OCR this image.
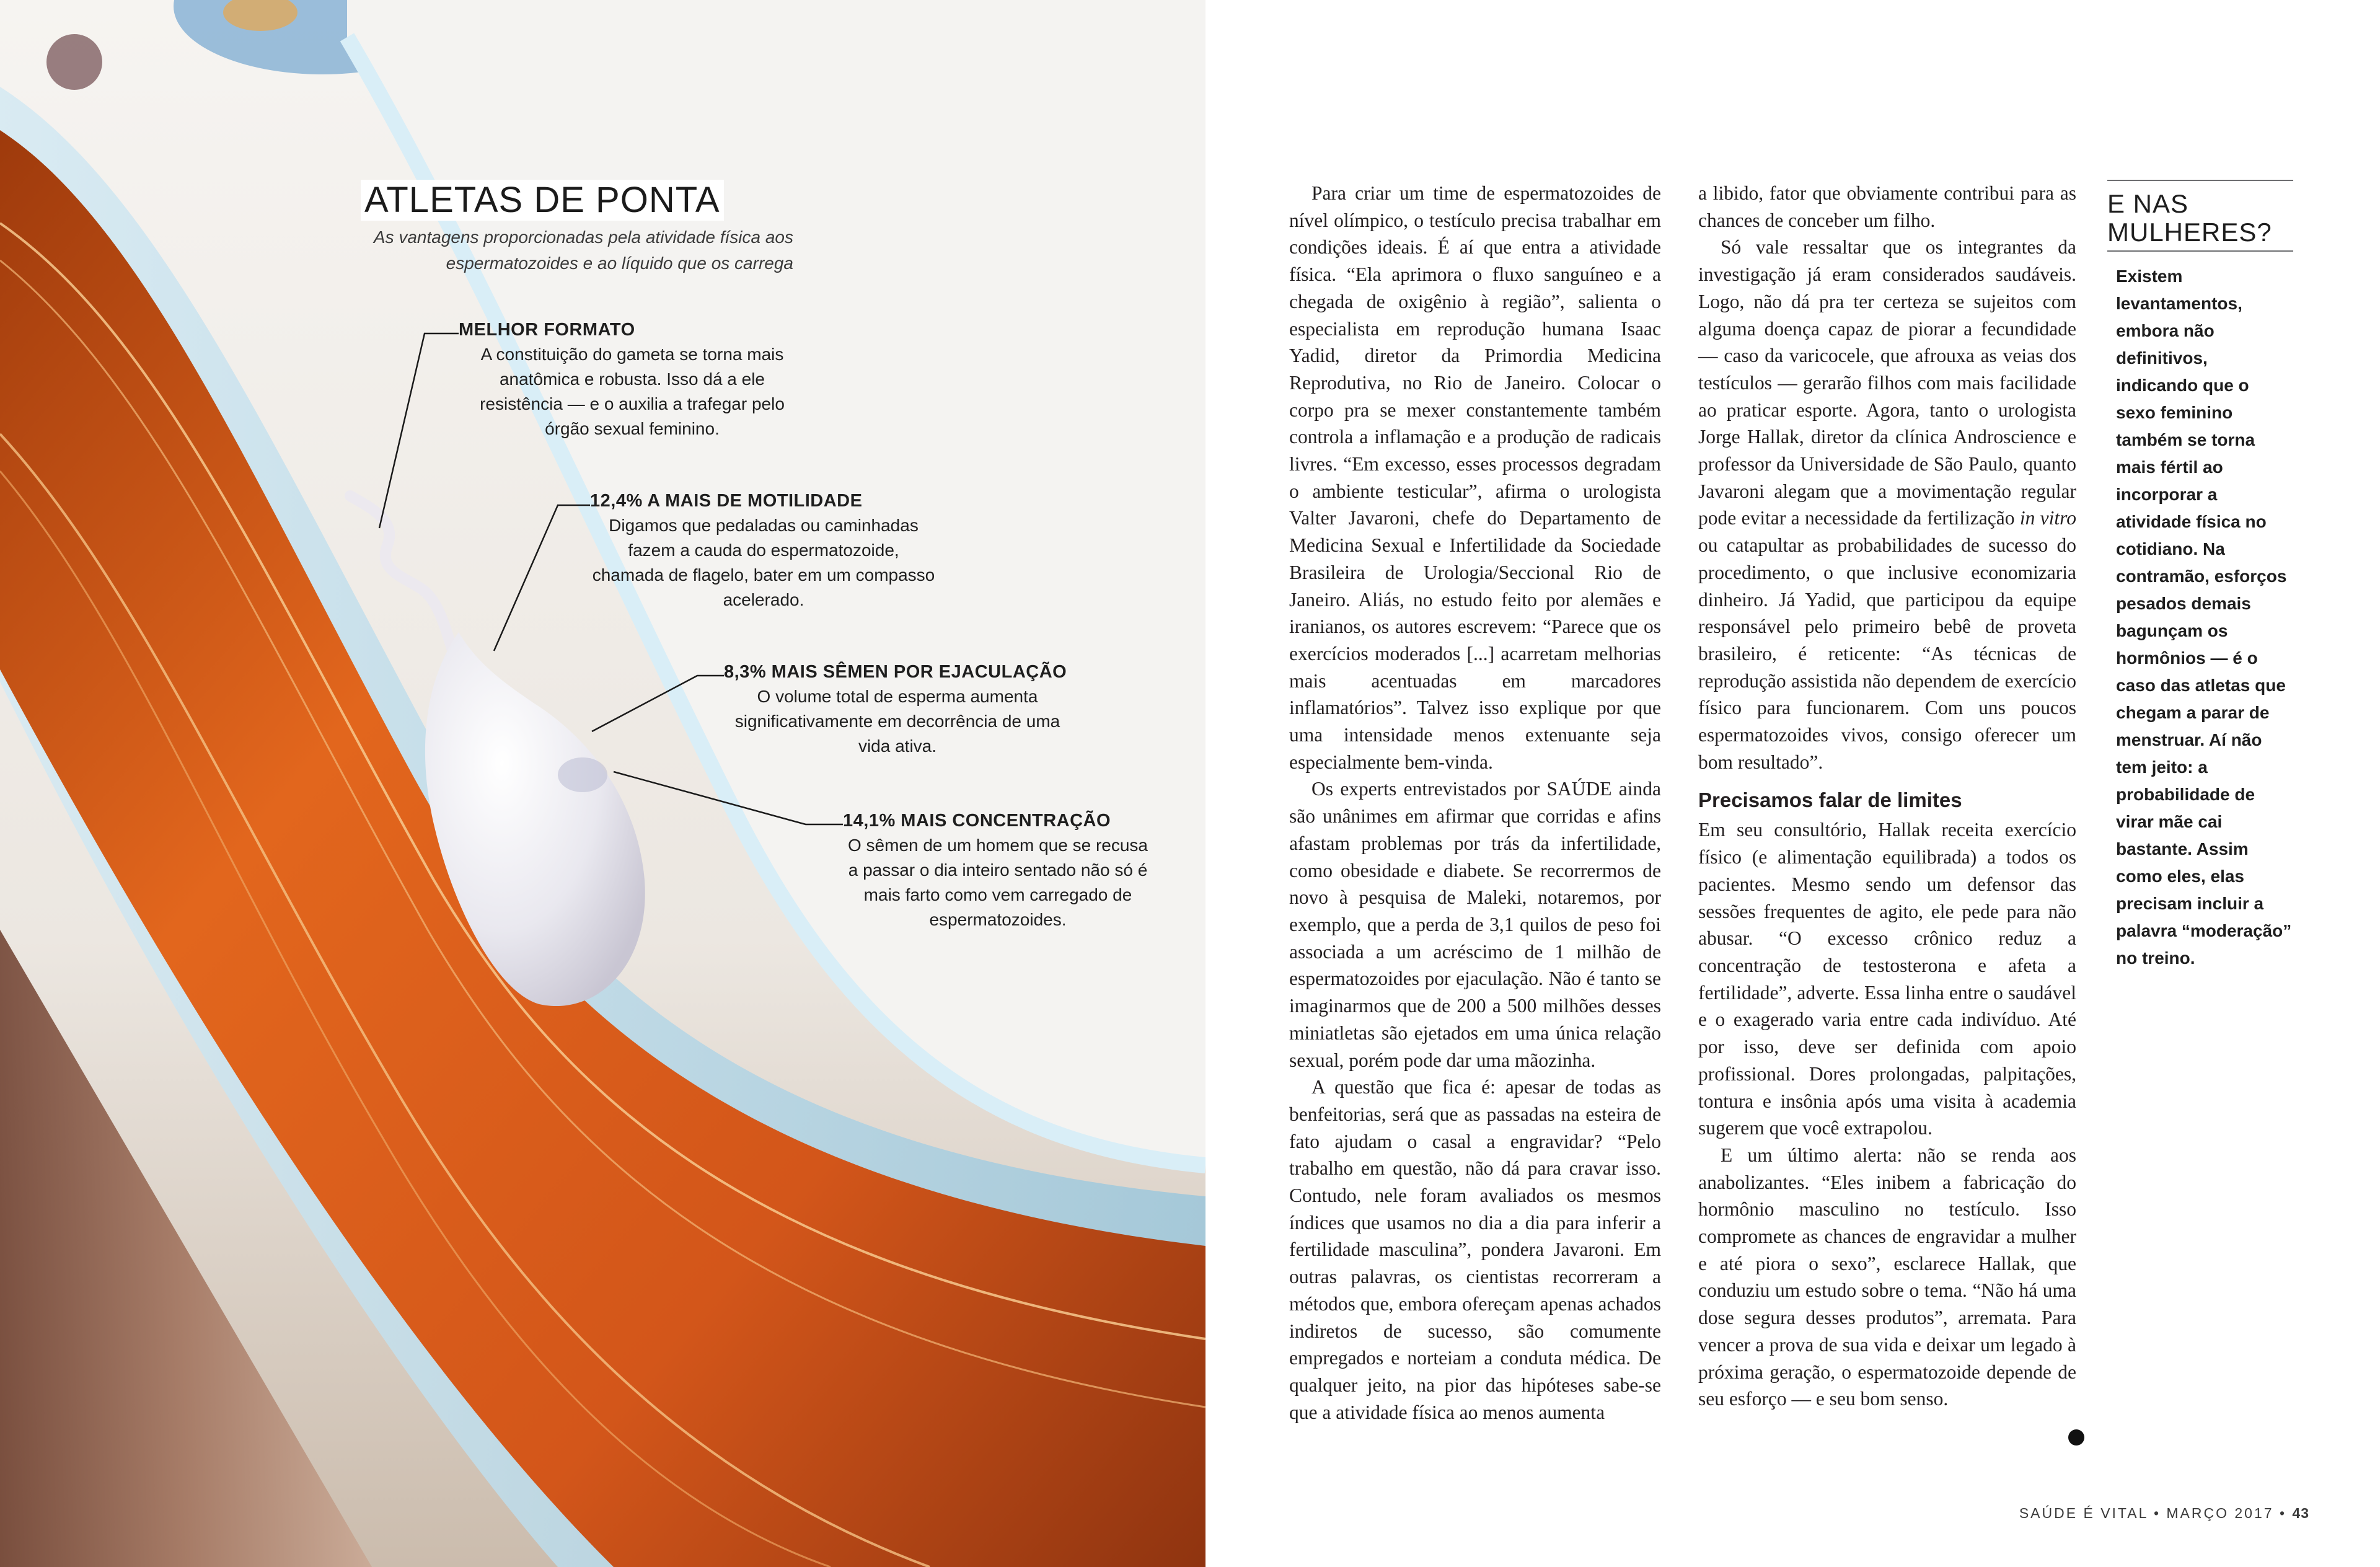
ATLETAS DE PONTA

As vantagens proporcionadas pela atividade física aos espermatozoides e ao líquido que os carrega

MELHOR FORMATO

A constituição do gameta se torna mais anatômica e robusta. Isso dá a ele resistência — e o auxilia a trafegar pelo órgão sexual feminino.

12,4% A MAIS DE MOTILIDADE

Digamos que pedaladas ou caminhadas fazem a cauda do espermatozoide, chamada de flagelo, bater em um compasso acelerado.

8,3% MAIS SÊMEN POR EJACULAÇÃO

O volume total de esperma aumenta significativamente em decorrência de uma vida ativa.

14,1% MAIS CONCENTRAÇÃO

O sêmen de um homem que se recusa a passar o dia inteiro sentado não só é mais farto como vem carregado de espermatozoides.

Para criar um time de espermatozoides de nível olímpico, o testículo precisa trabalhar em condições ideais. É aí que entra a atividade física. “Ela aprimora o fluxo sanguíneo e a chegada de oxigênio à região”, salienta o especialista em reprodução humana Isaac Yadid, diretor da Primordia Medicina Reprodutiva, no Rio de Janeiro. Colocar o corpo pra se mexer constantemente também controla a inflamação e a produção de radicais livres. “Em excesso, esses processos degradam o ambiente testicular”, afirma o urologista Valter Javaroni, chefe do Departamento de Medicina Sexual e Infertilidade da Sociedade Brasileira de Urologia/Seccional Rio de Janeiro. Aliás, no estudo feito por alemães e iranianos, os autores escrevem: “Parece que os exercícios moderados [...] acarretam melhorias mais acentuadas em marcadores inflamatórios”. Talvez isso explique por que uma intensidade menos extenuante seja especialmente bem-vinda.

Os experts entrevistados por SAÚDE ainda são unânimes em afirmar que corridas e afins afastam problemas por trás da infertilidade, como obesidade e diabete. Se recorrermos de novo à pesquisa de Maleki, notaremos, por exemplo, que a perda de 3,1 quilos de peso foi associada a um acréscimo de 1 milhão de espermatozoides por ejaculação. Não é tanto se imaginarmos que de 200 a 500 milhões desses miniatletas são ejetados em uma única relação sexual, porém pode dar uma mãozinha.

A questão que fica é: apesar de todas as benfeitorias, será que as passadas na esteira de fato ajudam o casal a engravidar? “Pelo trabalho em questão, não dá para cravar isso. Contudo, nele foram avaliados os mesmos índices que usamos no dia a dia para inferir a fertilidade masculina”, pondera Javaroni. Em outras palavras, os cientistas recorreram a métodos que, embora ofereçam apenas achados indiretos de sucesso, são comumente empregados e norteiam a conduta médica. De qualquer jeito, na pior das hipóteses sabe-se que a atividade física ao menos aumenta

a libido, fator que obviamente contribui para as chances de conceber um filho.

Só vale ressaltar que os integrantes da investigação já eram considerados saudáveis. Logo, não dá pra ter certeza se sujeitos com alguma doença capaz de piorar a fecundidade — caso da varicocele, que afrouxa as veias dos testículos — gerarão filhos com mais facilidade ao praticar esporte. Agora, tanto o urologista Jorge Hallak, diretor da clínica Androscience e professor da Universidade de São Paulo, quanto Javaroni alegam que a movimentação regular pode evitar a necessidade da fertilização in vitro ou catapultar as probabilidades de sucesso do procedimento, o que inclusive economizaria dinheiro. Já Yadid, que participou da equipe responsável pelo primeiro bebê de proveta brasileiro, é reticente: “As técnicas de reprodução assistida não dependem de exercício físico para funcionarem. Com uns poucos espermatozoides vivos, consigo oferecer um bom resultado”.

Precisamos falar de limites

Em seu consultório, Hallak receita exercício físico (e alimentação equilibrada) a todos os pacientes. Mesmo sendo um defensor das sessões frequentes de agito, ele pede para não abusar. “O excesso crônico reduz a concentração de testosterona e afeta a fertilidade”, adverte. Essa linha entre o saudável e o exagerado varia entre cada indivíduo. Até por isso, deve ser definida com apoio profissional. Dores prolongadas, palpitações, tontura e insônia após uma visita à academia sugerem que você extrapolou.

E um último alerta: não se renda aos anabolizantes. “Eles inibem a fabricação do hormônio masculino no testículo. Isso compromete as chances de engravidar a mulher e até piora o sexo”, esclarece Hallak, que conduziu um estudo sobre o tema. “Não há uma dose segura desses produtos”, arremata. Para vencer a prova de sua vida e deixar um legado à próxima geração, o espermatozoide depende de seu esforço — e seu bom senso.

E NAS MULHERES?

Existem levantamentos, embora não definitivos, indicando que o sexo feminino também se torna mais fértil ao incorporar a atividade física no cotidiano. Na contramão, esforços pesados demais bagunçam os hormônios — é o caso das atletas que chegam a parar de menstruar. Aí não tem jeito: a probabilidade de virar mãe cai bastante. Assim como eles, elas precisam incluir a palavra “moderação” no treino.

SAÚDE É VITAL • MARÇO 2017 • 43
